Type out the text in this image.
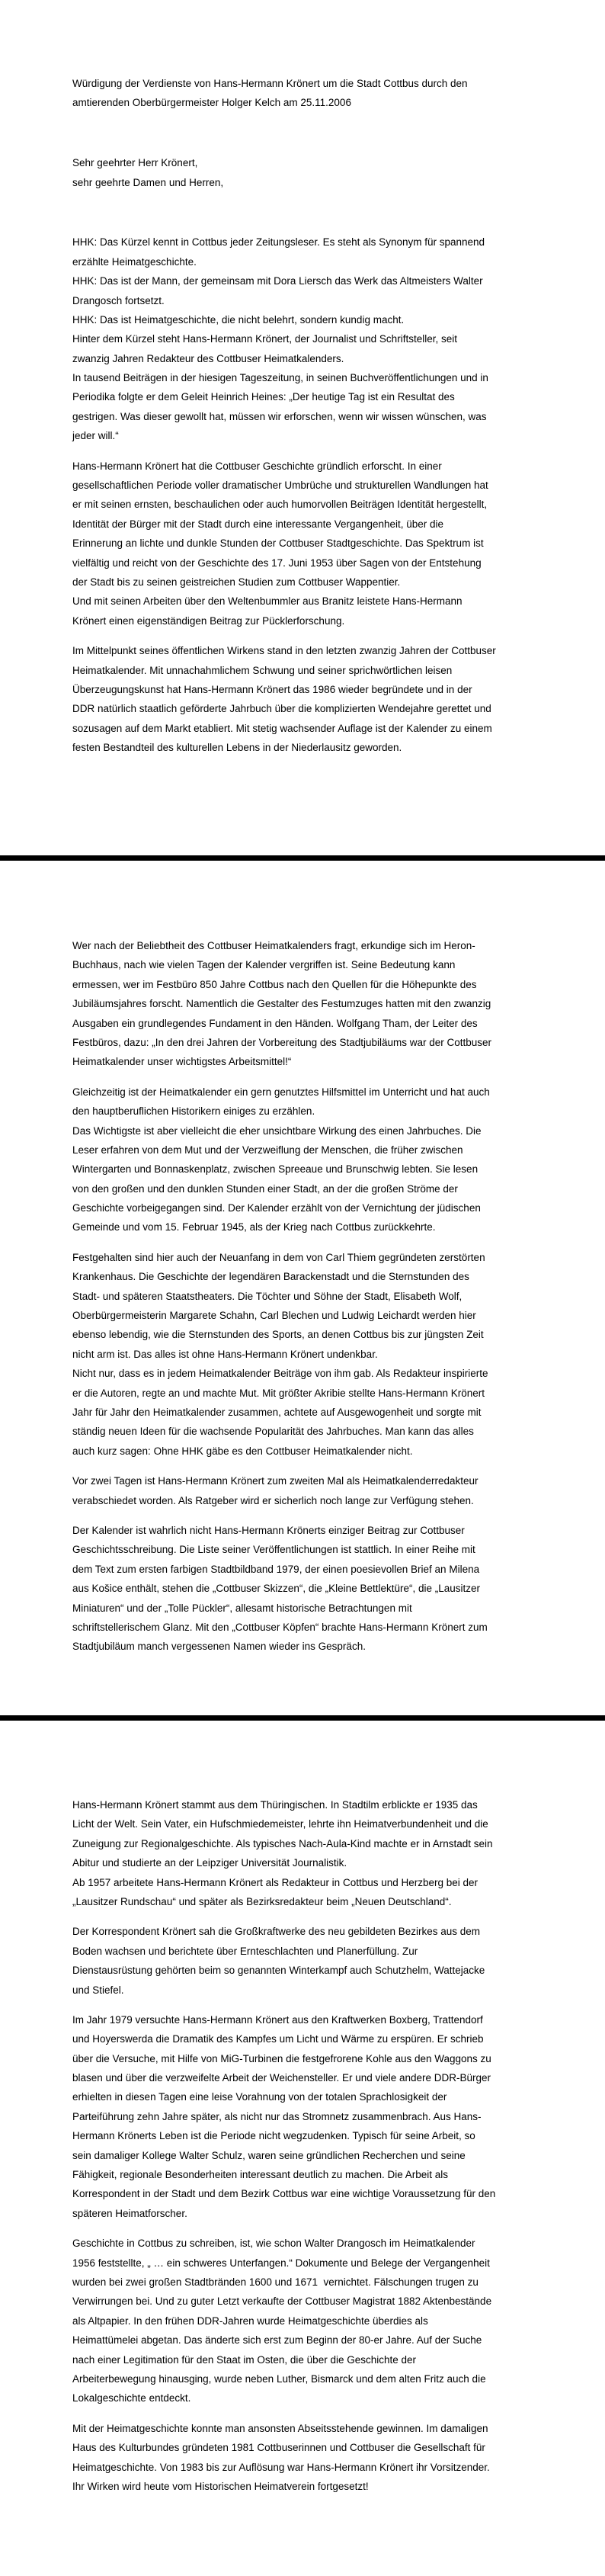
Würdigung der Verdienste von Hans-Hermann Krönert um die Stadt Cottbus durch den
amtierenden Oberbürgermeister Holger Kelch am 25.11.2006
Sehr geehrter Herr Krönert,
sehr geehrte Damen und Herren,
HHK: Das Kürzel kennt in Cottbus jeder Zeitungsleser. Es steht als Synonym für spannend
erzählte Heimatgeschichte.
HHK: Das ist der Mann, der gemeinsam mit Dora Liersch das Werk das Altmeisters Walter
Drangosch fortsetzt.
HHK: Das ist Heimatgeschichte, die nicht belehrt, sondern kundig macht.
Hinter dem Kürzel steht Hans-Hermann Krönert, der Journalist und Schriftsteller, seit
zwanzig Jahren Redakteur des Cottbuser Heimatkalenders.
In tausend Beiträgen in der hiesigen Tageszeitung, in seinen Buchveröffentlichungen und in
Periodika folgte er dem Geleit Heinrich Heines: „Der heutige Tag ist ein Resultat des
gestrigen. Was dieser gewollt hat, müssen wir erforschen, wenn wir wissen wünschen, was
jeder will.“
Hans-Hermann Krönert hat die Cottbuser Geschichte gründlich erforscht. In einer
gesellschaftlichen Periode voller dramatischer Umbrüche und strukturellen Wandlungen hat
er mit seinen ernsten, beschaulichen oder auch humorvollen Beiträgen Identität hergestellt,
Identität der Bürger mit der Stadt durch eine interessante Vergangenheit, über die
Erinnerung an lichte und dunkle Stunden der Cottbuser Stadtgeschichte. Das Spektrum ist
vielfältig und reicht von der Geschichte des 17. Juni 1953 über Sagen von der Entstehung
der Stadt bis zu seinen geistreichen Studien zum Cottbuser Wappentier.
Und mit seinen Arbeiten über den Weltenbummler aus Branitz leistete Hans-Hermann
Krönert einen eigenständigen Beitrag zur Pücklerforschung.
Im Mittelpunkt seines öffentlichen Wirkens stand in den letzten zwanzig Jahren der Cottbuser
Heimatkalender. Mit unnachahmlichem Schwung und seiner sprichwörtlichen leisen
Überzeugungskunst hat Hans-Hermann Krönert das 1986 wieder begründete und in der
DDR natürlich staatlich geförderte Jahrbuch über die komplizierten Wendejahre gerettet und
sozusagen auf dem Markt etabliert. Mit stetig wachsender Auflage ist der Kalender zu einem
festen Bestandteil des kulturellen Lebens in der Niederlausitz geworden.
Wer nach der Beliebtheit des Cottbuser Heimatkalenders fragt, erkundige sich im Heron-
Buchhaus, nach wie vielen Tagen der Kalender vergriffen ist. Seine Bedeutung kann
ermessen, wer im Festbüro 850 Jahre Cottbus nach den Quellen für die Höhepunkte des
Jubiläumsjahres forscht. Namentlich die Gestalter des Festumzuges hatten mit den zwanzig
Ausgaben ein grundlegendes Fundament in den Händen. Wolfgang Tham, der Leiter des
Festbüros, dazu: „In den drei Jahren der Vorbereitung des Stadtjubiläums war der Cottbuser
Heimatkalender unser wichtigstes Arbeitsmittel!“
Gleichzeitig ist der Heimatkalender ein gern genutztes Hilfsmittel im Unterricht und hat auch
den hauptberuflichen Historikern einiges zu erzählen.
Das Wichtigste ist aber vielleicht die eher unsichtbare Wirkung des einen Jahrbuches. Die
Leser erfahren von dem Mut und der Verzweiflung der Menschen, die früher zwischen
Wintergarten und Bonnaskenplatz, zwischen Spreeaue und Brunschwig lebten. Sie lesen
von den großen und den dunklen Stunden einer Stadt, an der die großen Ströme der
Geschichte vorbeigegangen sind. Der Kalender erzählt von der Vernichtung der jüdischen
Gemeinde und vom 15. Februar 1945, als der Krieg nach Cottbus zurückkehrte.
Festgehalten sind hier auch der Neuanfang in dem von Carl Thiem gegründeten zerstörten
Krankenhaus. Die Geschichte der legendären Barackenstadt und die Sternstunden des
Stadt- und späteren Staatstheaters. Die Töchter und Söhne der Stadt, Elisabeth Wolf,
Oberbürgermeisterin Margarete Schahn, Carl Blechen und Ludwig Leichardt werden hier
ebenso lebendig, wie die Sternstunden des Sports, an denen Cottbus bis zur jüngsten Zeit
nicht arm ist. Das alles ist ohne Hans-Hermann Krönert undenkbar.
Nicht nur, dass es in jedem Heimatkalender Beiträge von ihm gab. Als Redakteur inspirierte
er die Autoren, regte an und machte Mut. Mit größter Akribie stellte Hans-Hermann Krönert
Jahr für Jahr den Heimatkalender zusammen, achtete auf Ausgewogenheit und sorgte mit
ständig neuen Ideen für die wachsende Popularität des Jahrbuches. Man kann das alles
auch kurz sagen: Ohne HHK gäbe es den Cottbuser Heimatkalender nicht.
Vor zwei Tagen ist Hans-Hermann Krönert zum zweiten Mal als Heimatkalenderredakteur
verabschiedet worden. Als Ratgeber wird er sicherlich noch lange zur Verfügung stehen.
Der Kalender ist wahrlich nicht Hans-Hermann Krönerts einziger Beitrag zur Cottbuser
Geschichtsschreibung. Die Liste seiner Veröffentlichungen ist stattlich. In einer Reihe mit
dem Text zum ersten farbigen Stadtbildband 1979, der einen poesievollen Brief an Milena
aus Košice enthält, stehen die „Cottbuser Skizzen“, die „Kleine Bettlektüre“, die „Lausitzer
Miniaturen“ und der „Tolle Pückler“, allesamt historische Betrachtungen mit
schriftstellerischem Glanz. Mit den „Cottbuser Köpfen“ brachte Hans-Hermann Krönert zum
Stadtjubiläum manch vergessenen Namen wieder ins Gespräch.
Hans-Hermann Krönert stammt aus dem Thüringischen. In Stadtilm erblickte er 1935 das
Licht der Welt. Sein Vater, ein Hufschmiedemeister, lehrte ihn Heimatverbundenheit und die
Zuneigung zur Regionalgeschichte. Als typisches Nach-Aula-Kind machte er in Arnstadt sein
Abitur und studierte an der Leipziger Universität Journalistik.
Ab 1957 arbeitete Hans-Hermann Krönert als Redakteur in Cottbus und Herzberg bei der
„Lausitzer Rundschau“ und später als Bezirksredakteur beim „Neuen Deutschland“.
Der Korrespondent Krönert sah die Großkraftwerke des neu gebildeten Bezirkes aus dem
Boden wachsen und berichtete über Ernteschlachten und Planerfüllung. Zur
Dienstausrüstung gehörten beim so genannten Winterkampf auch Schutzhelm, Wattejacke
und Stiefel.
Im Jahr 1979 versuchte Hans-Hermann Krönert aus den Kraftwerken Boxberg, Trattendorf
und Hoyerswerda die Dramatik des Kampfes um Licht und Wärme zu erspüren. Er schrieb
über die Versuche, mit Hilfe von MiG-Turbinen die festgefrorene Kohle aus den Waggons zu
blasen und über die verzweifelte Arbeit der Weichensteller. Er und viele andere DDR-Bürger
erhielten in diesen Tagen eine leise Vorahnung von der totalen Sprachlosigkeit der
Parteiführung zehn Jahre später, als nicht nur das Stromnetz zusammenbrach. Aus Hans-
Hermann Krönerts Leben ist die Periode nicht wegzudenken. Typisch für seine Arbeit, so
sein damaliger Kollege Walter Schulz, waren seine gründlichen Recherchen und seine
Fähigkeit, regionale Besonderheiten interessant deutlich zu machen. Die Arbeit als
Korrespondent in der Stadt und dem Bezirk Cottbus war eine wichtige Voraussetzung für den
späteren Heimatforscher.
Geschichte in Cottbus zu schreiben, ist, wie schon Walter Drangosch im Heimatkalender
1956 feststellte, „ … ein schweres Unterfangen.“ Dokumente und Belege der Vergangenheit
wurden bei zwei großen Stadtbränden 1600 und 1671  vernichtet. Fälschungen trugen zu
Verwirrungen bei. Und zu guter Letzt verkaufte der Cottbuser Magistrat 1882 Aktenbestände
als Altpapier. In den frühen DDR-Jahren wurde Heimatgeschichte überdies als
Heimattümelei abgetan. Das änderte sich erst zum Beginn der 80-er Jahre. Auf der Suche
nach einer Legitimation für den Staat im Osten, die über die Geschichte der
Arbeiterbewegung hinausging, wurde neben Luther, Bismarck und dem alten Fritz auch die
Lokalgeschichte entdeckt.
Mit der Heimatgeschichte konnte man ansonsten Abseitsstehende gewinnen. Im damaligen
Haus des Kulturbundes gründeten 1981 Cottbuserinnen und Cottbuser die Gesellschaft für
Heimatgeschichte. Von 1983 bis zur Auflösung war Hans-Hermann Krönert ihr Vorsitzender.
Ihr Wirken wird heute vom Historischen Heimatverein fortgesetzt!
